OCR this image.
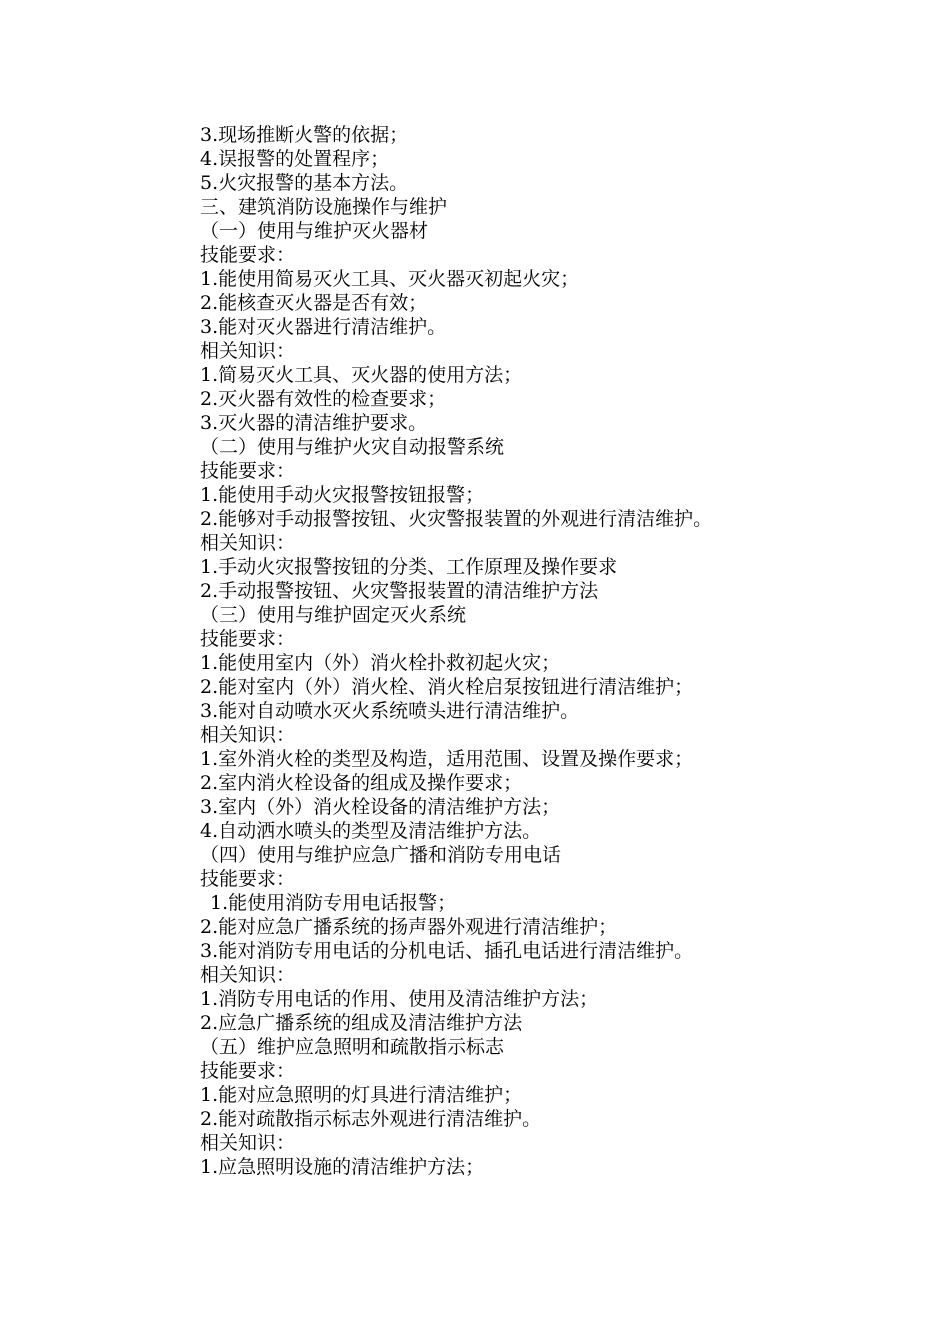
3.现场推断火警的依据；
4.误报警的处置程序；
5.火灾报警的基本方法。
三、建筑消防设施操作与维护
（一）使用与维护灭火器材
技能要求：
1.能使用简易灭火工具、灭火器灭初起火灾；
2.能核查灭火器是否有效；
3.能对灭火器进行清洁维护。
相关知识：
1.简易灭火工具、灭火器的使用方法；
2.灭火器有效性的检查要求；
3.灭火器的清洁维护要求。
（二）使用与维护火灾自动报警系统
技能要求：
1.能使用手动火灾报警按钮报警；
2.能够对手动报警按钮、火灾警报装置的外观进行清洁维护。
相关知识：
1.手动火灾报警按钮的分类、工作原理及操作要求
2.手动报警按钮、火灾警报装置的清洁维护方法
（三）使用与维护固定灭火系统
技能要求：
1.能使用室内（外）消火栓扑救初起火灾；
2.能对室内（外）消火栓、消火栓启泵按钮进行清洁维护；
3.能对自动喷水灭火系统喷头进行清洁维护。
相关知识：
1.室外消火栓的类型及构造，适用范围、设置及操作要求；
2.室内消火栓设备的组成及操作要求；
3.室内（外）消火栓设备的清洁维护方法；
4.自动洒水喷头的类型及清洁维护方法。
（四）使用与维护应急广播和消防专用电话
技能要求：
1.能使用消防专用电话报警；
2.能对应急广播系统的扬声器外观进行清洁维护；
3.能对消防专用电话的分机电话、插孔电话进行清洁维护。
相关知识：
1.消防专用电话的作用、使用及清洁维护方法；
2.应急广播系统的组成及清洁维护方法
（五）维护应急照明和疏散指示标志
技能要求：
1.能对应急照明的灯具进行清洁维护；
2.能对疏散指示标志外观进行清洁维护。
相关知识：
1.应急照明设施的清洁维护方法；
